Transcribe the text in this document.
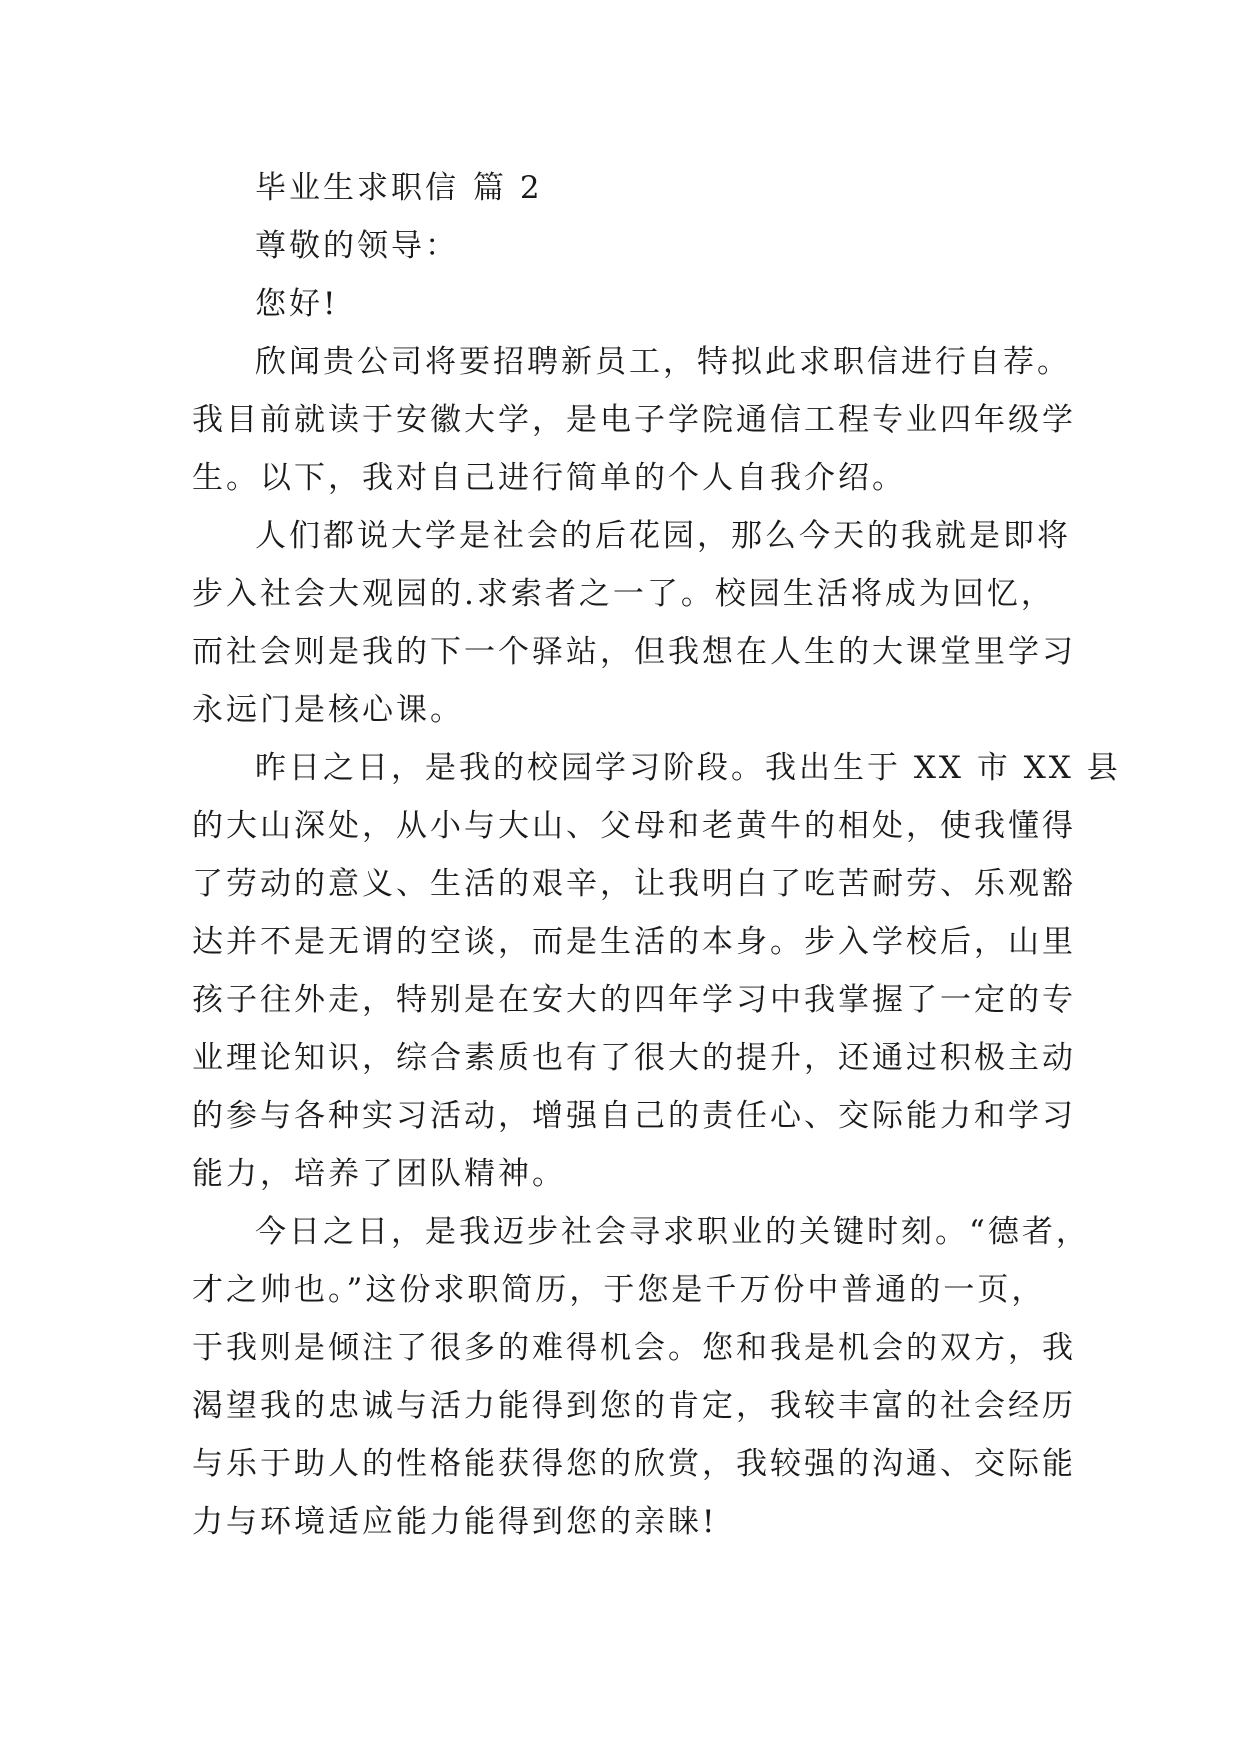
毕业生求职信 篇 2

尊敬的领导：

您好!

欣闻贵公司将要招聘新员工，特拟此求职信进行自荐。

我目前就读于安徽大学，是电子学院通信工程专业四年级学

生。以下，我对自己进行简单的个人自我介绍。

人们都说大学是社会的后花园，那么今天的我就是即将

步入社会大观园的.求索者之一了。校园生活将成为回忆，

而社会则是我的下一个驿站，但我想在人生的大课堂里学习

永远门是核心课。

昨日之日，是我的校园学习阶段。我出生于 XX 市 XX 县

的大山深处，从小与大山、父母和老黄牛的相处，使我懂得

了劳动的意义、生活的艰辛，让我明白了吃苦耐劳、乐观豁

达并不是无谓的空谈，而是生活的本身。步入学校后，山里

孩子往外走，特别是在安大的四年学习中我掌握了一定的专

业理论知识，综合素质也有了很大的提升，还通过积极主动

的参与各种实习活动，增强自己的责任心、交际能力和学习

能力，培养了团队精神。

今日之日，是我迈步社会寻求职业的关键时刻。“德者，

才之帅也。”这份求职简历，于您是千万份中普通的一页，

于我则是倾注了很多的难得机会。您和我是机会的双方，我

渴望我的忠诚与活力能得到您的肯定，我较丰富的社会经历

与乐于助人的性格能获得您的欣赏，我较强的沟通、交际能

力与环境适应能力能得到您的亲睐!
